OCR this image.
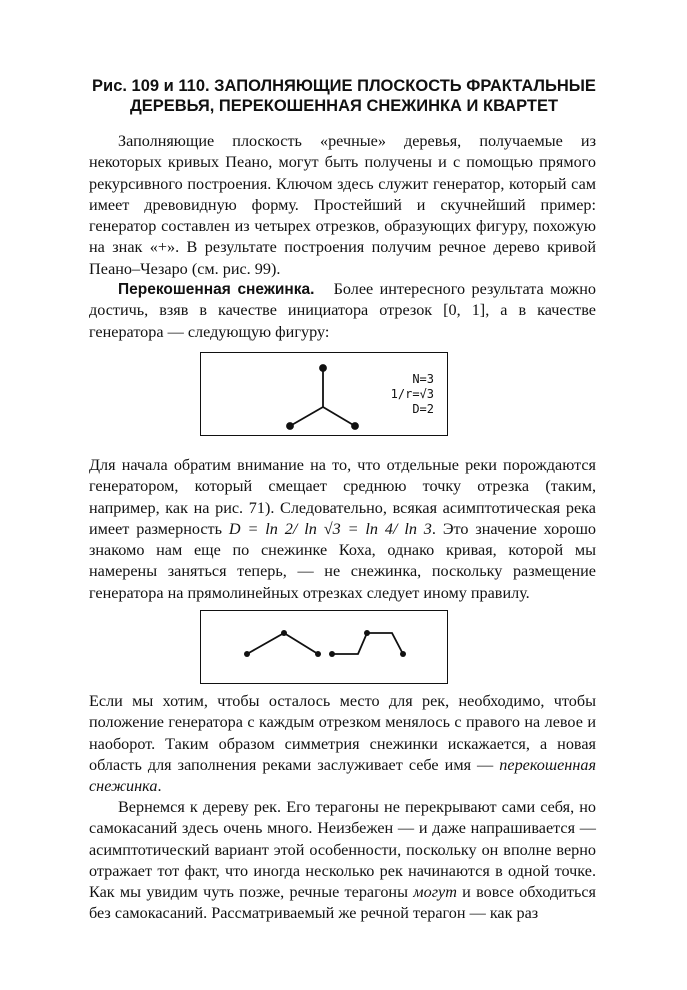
Рис. 109 и 110. ЗАПОЛНЯЮЩИЕ ПЛОСКОСТЬ ФРАКТАЛЬНЫЕ
ДЕРЕВЬЯ, ПЕРЕКОШЕННАЯ СНЕЖИНКА И КВАРТЕТ

Заполняющие плоскость «речные» деревья, получаемые из некоторых кривых Пеано, могут быть получены и с помощью прямого рекурсивного построения. Ключом здесь служит генератор, который сам имеет древовидную форму. Простейший и скучнейший пример: генератор составлен из четырех отрезков, образующих фигуру, похожую на знак «+». В результате построения получим речное дерево кривой Пеано–Чезаро (см. рис. 99).

Перекошенная снежинка. Более интересного результата можно достичь, взяв в качестве инициатора отрезок [0, 1], а в качестве генератора — следующую фигуру:

N=3
1/r=√3
D=2

Для начала обратим внимание на то, что отдельные реки порождаются генератором, который смещает среднюю точку отрезка (таким, например, как на рис. 71). Следовательно, всякая асимптотическая река имеет размерность D = ln 2/ ln √3 = ln 4/ ln 3. Это значение хорошо знакомо нам еще по снежинке Коха, однако кривая, которой мы намерены заняться теперь, — не снежинка, поскольку размещение генератора на прямолинейных отрезках следует иному правилу.

Если мы хотим, чтобы осталось место для рек, необходимо, чтобы положение генератора с каждым отрезком менялось с правого на левое и наоборот. Таким образом симметрия снежинки искажается, а новая область для заполнения реками заслуживает себе имя — перекошенная снежинка.

Вернемся к дереву рек. Его терагоны не перекрывают сами себя, но самокасаний здесь очень много. Неизбежен — и даже напрашивается — асимптотический вариант этой особенности, поскольку он вполне верно отражает тот факт, что иногда несколько рек начинаются в одной точке. Как мы увидим чуть позже, речные терагоны могут и вовсе обходиться без самокасаний. Рассматриваемый же речной терагон — как раз
